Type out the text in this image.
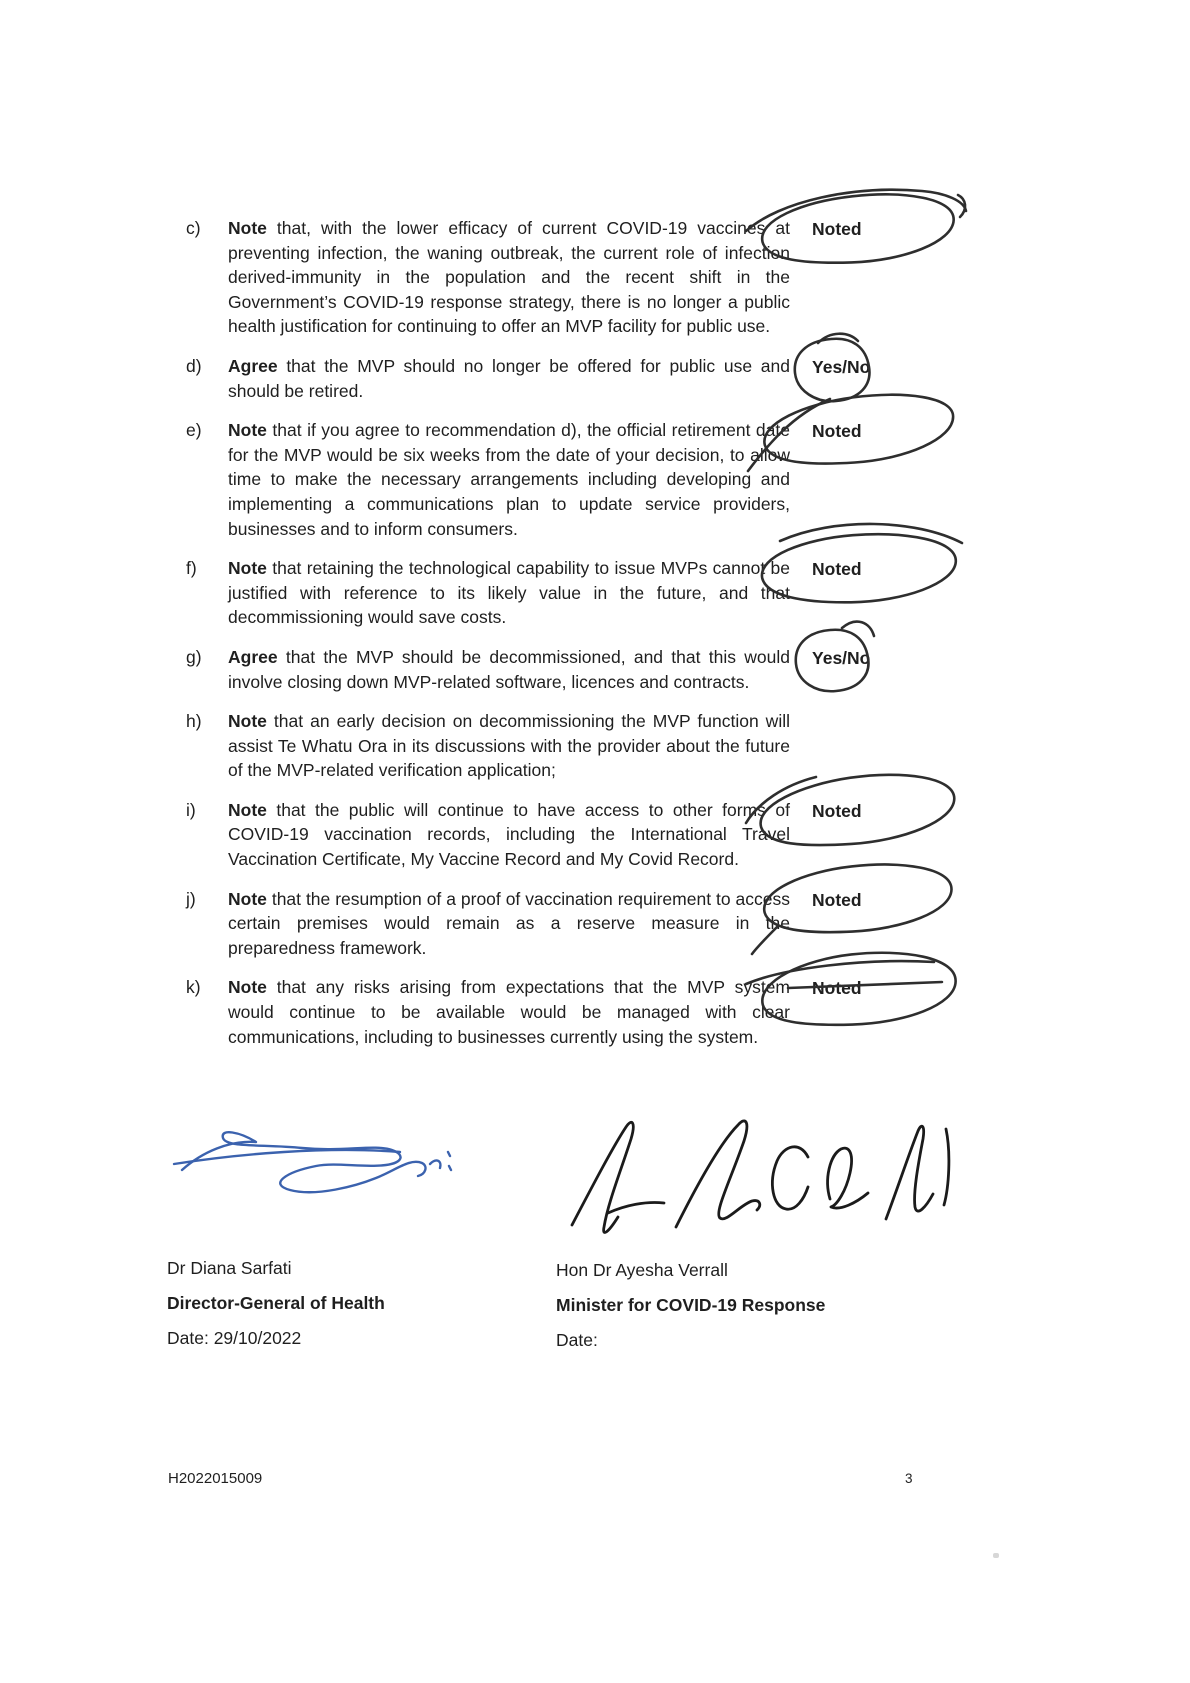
c)	Note that, with the lower efficacy of current COVID-19 vaccines at preventing infection, the waning outbreak, the current role of infection derived-immunity in the population and the recent shift in the Government’s COVID-19 response strategy, there is no longer a public health justification for continuing to offer an MVP facility for public use.
Noted
d)	Agree that the MVP should no longer be offered for public use and should be retired.
Yes/No
e)	Note that if you agree to recommendation d), the official retirement date for the MVP would be six weeks from the date of your decision, to allow time to make the necessary arrangements including developing and implementing a communications plan to update service providers, businesses and to inform consumers.
Noted
f)	Note that retaining the technological capability to issue MVPs cannot be justified with reference to its likely value in the future, and that decommissioning would save costs.
Noted
g)	Agree that the MVP should be decommissioned, and that this would involve closing down MVP-related software, licences and contracts.
Yes/No
h)	Note that an early decision on decommissioning the MVP function will assist Te Whatu Ora in its discussions with the provider about the future of the MVP-related verification application;
i)	Note that the public will continue to have access to other forms of COVID-19 vaccination records, including the International Travel Vaccination Certificate, My Vaccine Record and My Covid Record.
Noted
j)	Note that the resumption of a proof of vaccination requirement to access certain premises would remain as a reserve measure in the preparedness framework.
Noted
k)	Note that any risks arising from expectations that the MVP system would continue to be available would be managed with clear communications, including to businesses currently using the system.
Noted
Dr Diana Sarfati
Director-General of Health
Date: 29/10/2022
Hon Dr Ayesha Verrall
Minister for COVID-19 Response
Date:
H2022015009	3
